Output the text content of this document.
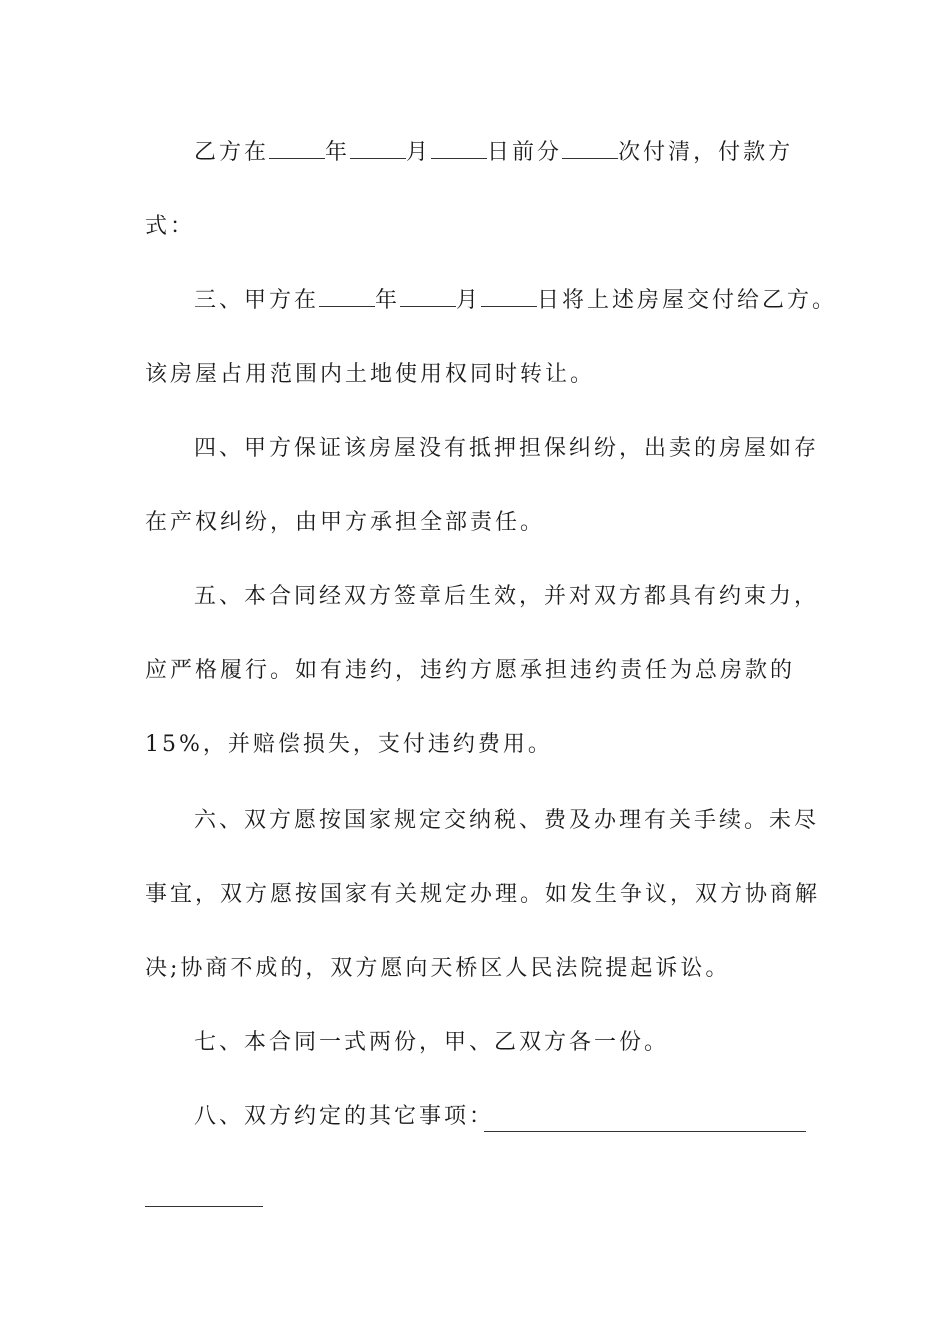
乙方在	年	月	日前分	次付清，付款方
式：
三、甲方在	年	月	日将上述房屋交付给乙方。
该房屋占用范围内土地使用权同时转让。
四、甲方保证该房屋没有抵押担保纠纷，出卖的房屋如存
在产权纠纷，由甲方承担全部责任。
五、本合同经双方签章后生效，并对双方都具有约束力，
应严格履行。如有违约，违约方愿承担违约责任为总房款的
15%，并赔偿损失，支付违约费用。
六、双方愿按国家规定交纳税、费及办理有关手续。未尽
事宜，双方愿按国家有关规定办理。如发生争议，双方协商解
决;协商不成的，双方愿向天桥区人民法院提起诉讼。
七、本合同一式两份，甲、乙双方各一份。
八、双方约定的其它事项：
